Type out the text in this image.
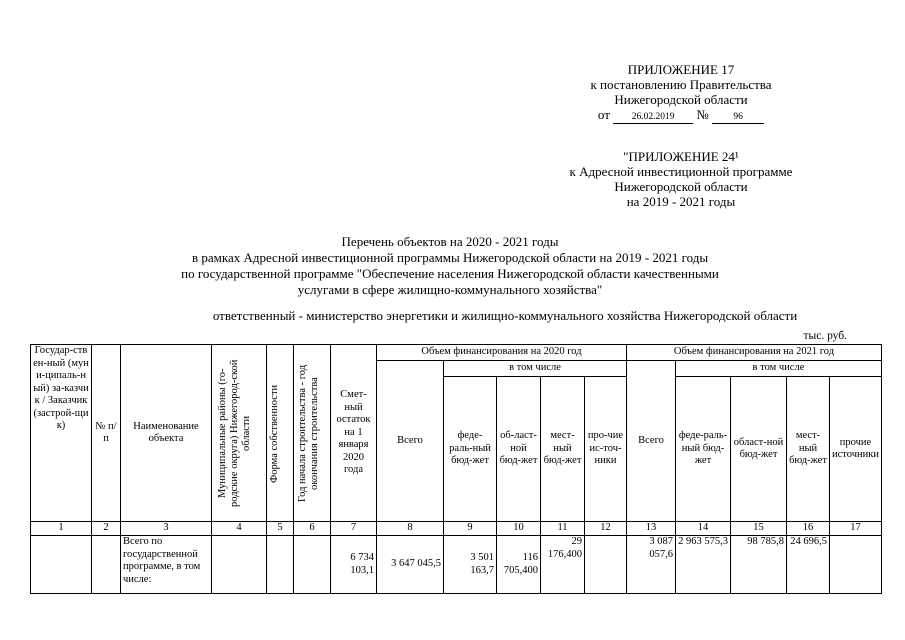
ПРИЛОЖЕНИЕ 17
к постановлению Правительства
Нижегородской области
от 26.02.2019 №	96
"ПРИЛОЖЕНИЕ 24¹
к Адресной инвестиционной программе
Нижегородской области
на 2019 - 2021 годы
Перечень объектов на 2020 - 2021 годы
в рамках Адресной инвестиционной программы Нижегородской области на 2019 - 2021 годы
по государственной программе "Обеспечение населения Нижегородской области качественными
услугами в сфере жилищно-коммунального хозяйства"
ответственный - министерство энергетики и жилищно-коммунального хозяйства Нижегородской области
тыс. руб.
Государ-ствен-ный (муни-ципаль-ный) за-казчик / Заказчик (застрой-щик)	№ п/п	Наименование объекта	Муниципальные районы (го-родские округа) Нижегород-ской области	Форма собственности	Год начала строительства - год окончания строительства	Смет-ный остаток на 1 января 2020 года	Объем финансирования на 2020 год					Объем финансирования на 2021 год				
							Всего	в том числе				Всего	в том числе			
								феде-раль-ный бюд-жет	об-ласт-ной бюд-жет	мест-ный бюд-жет	про-чие ис-точ-ники		феде-раль-ный бюд-жет	област-ной бюд-жет	мест-ный бюд-жет	прочие источники
1	2	3	4	5	6	7	8	9	10	11	12	13	14	15	16	17
		Всего по государственной программе, в том числе:				6 734 103,1	3 647 045,5	3 501 163,7	116 705,400	29 176,400		3 087 057,6	2 963 575,3	98 785,8	24 696,5	
